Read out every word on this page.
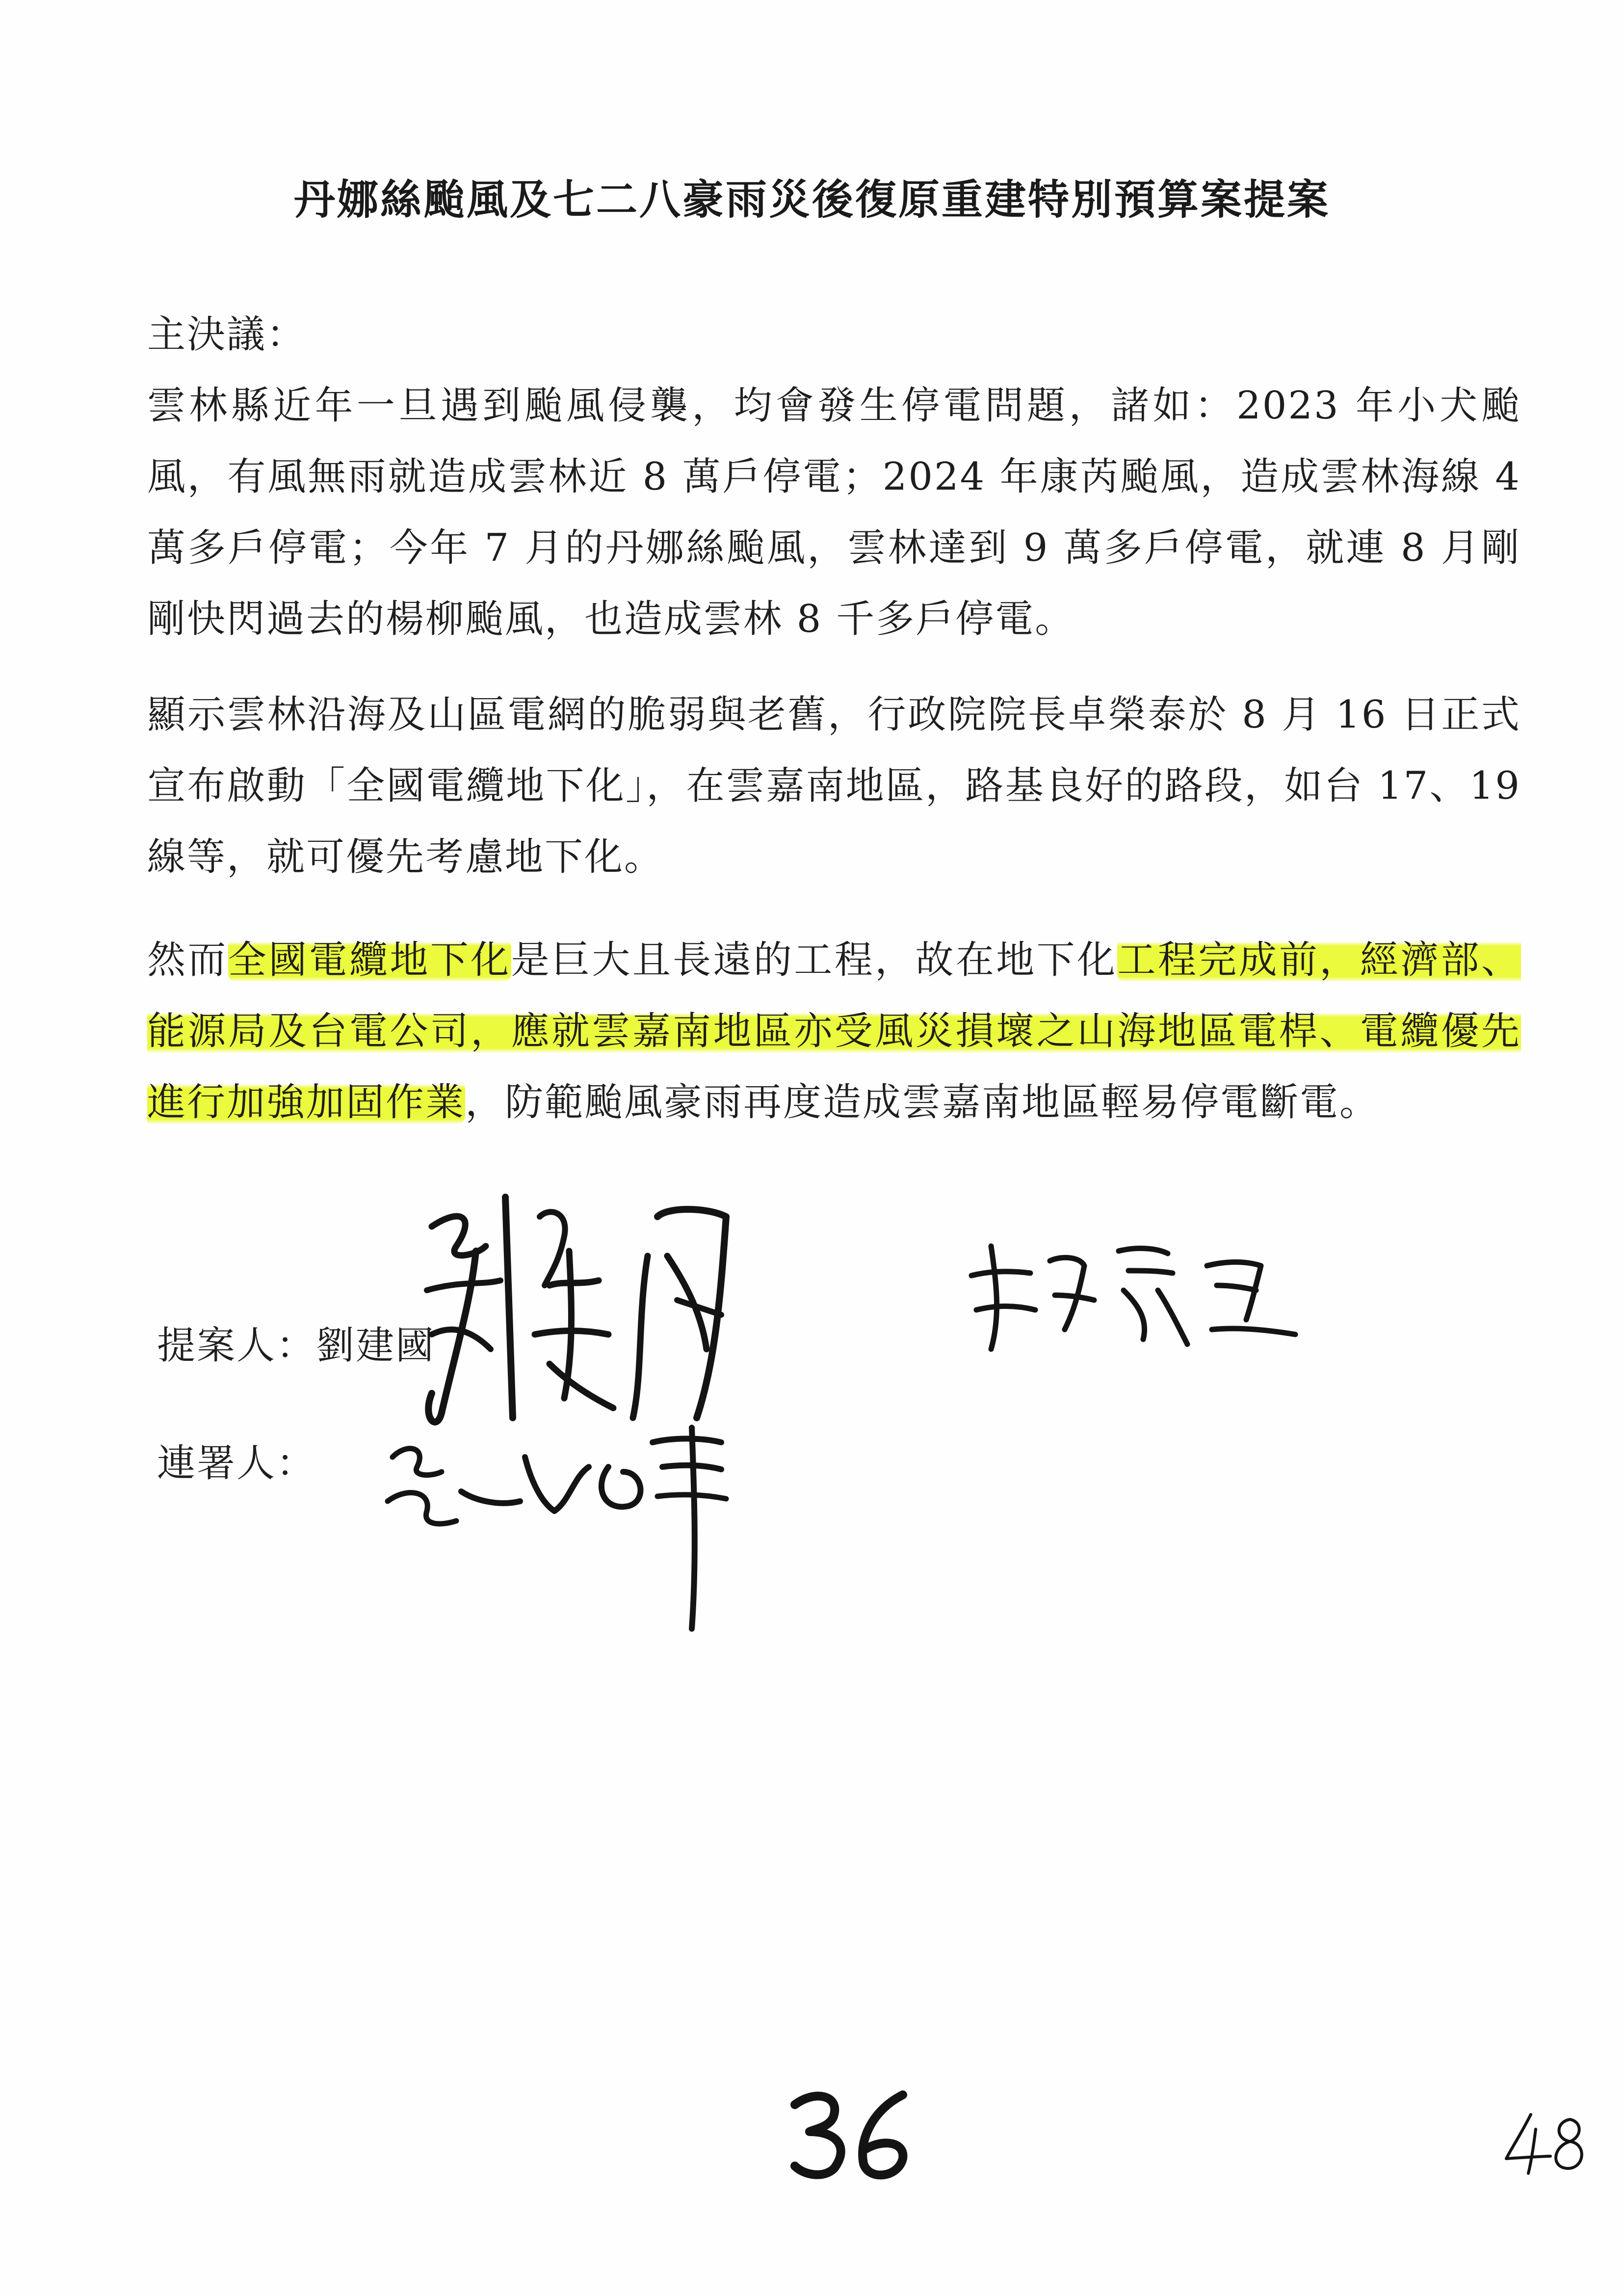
丹娜絲颱風及七二八豪雨災後復原重建特別預算案提案

主決議：

雲林縣近年一旦遇到颱風侵襲，均會發生停電問題，諸如：2023 年小犬颱風，有風無雨就造成雲林近 8 萬戶停電；2024 年康芮颱風，造成雲林海線 4 萬多戶停電；今年 7 月的丹娜絲颱風，雲林達到 9 萬多戶停電，就連 8 月剛剛快閃過去的楊柳颱風，也造成雲林 8 千多戶停電。

顯示雲林沿海及山區電網的脆弱與老舊，行政院院長卓榮泰於 8 月 16 日正式宣布啟動「全國電纜地下化」，在雲嘉南地區，路基良好的路段，如台 17、19 線等，就可優先考慮地下化。

然而全國電纜地下化是巨大且長遠的工程，故在地下化工程完成前，經濟部、能源局及台電公司，應就雲嘉南地區亦受風災損壞之山海地區電桿、電纜優先進行加強加固作業，防範颱風豪雨再度造成雲嘉南地區輕易停電斷電。

提案人：劉建國
連署人：
